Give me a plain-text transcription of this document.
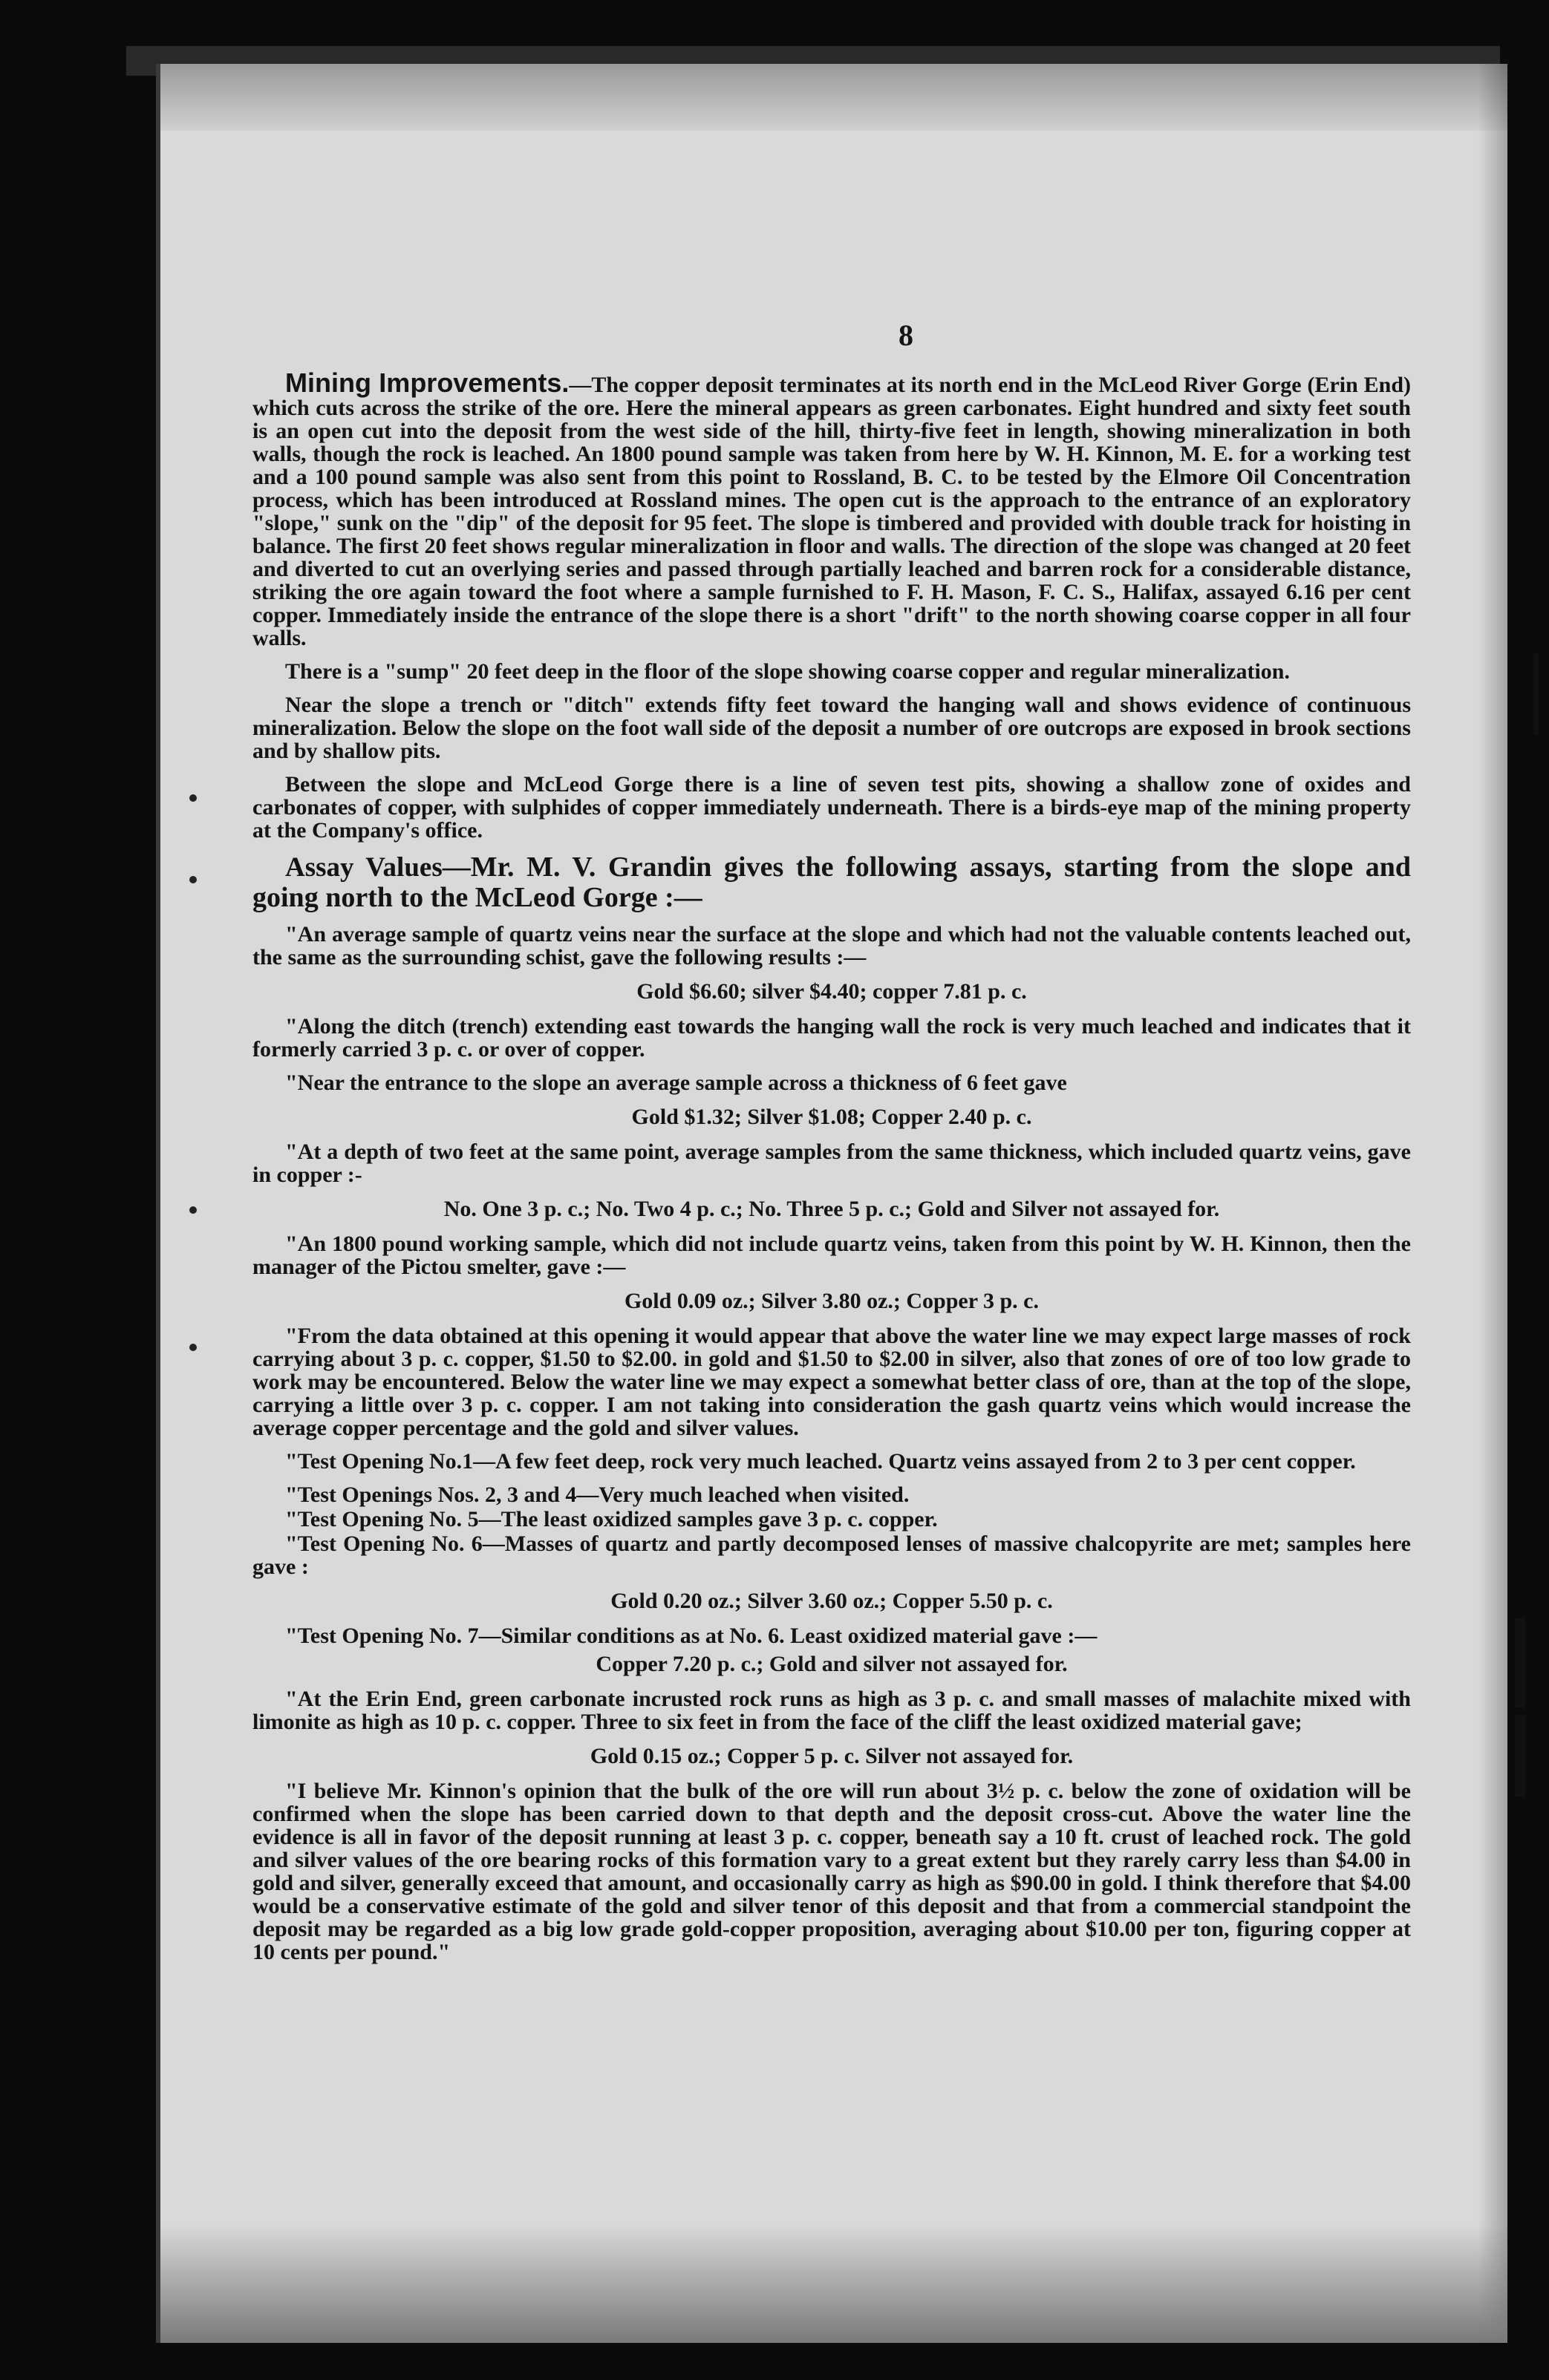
8

Mining Improvements.—The copper deposit terminates at its north end in the McLeod River Gorge (Erin End) which cuts across the strike of the ore. Here the mineral appears as green carbonates. Eight hundred and sixty feet south is an open cut into the deposit from the west side of the hill, thirty-five feet in length, showing mineralization in both walls, though the rock is leached. An 1800 pound sample was taken from here by W. H. Kinnon, M. E. for a working test and a 100 pound sample was also sent from this point to Rossland, B. C. to be tested by the Elmore Oil Concentration process, which has been introduced at Rossland mines. The open cut is the approach to the entrance of an exploratory "slope," sunk on the "dip" of the deposit for 95 feet. The slope is timbered and provided with double track for hoisting in balance. The first 20 feet shows regular mineralization in floor and walls. The direction of the slope was changed at 20 feet and diverted to cut an overlying series and passed through partially leached and barren rock for a considerable distance, striking the ore again toward the foot where a sample furnished to F. H. Mason, F. C. S., Halifax, assayed 6.16 per cent copper. Immediately inside the entrance of the slope there is a short "drift" to the north showing coarse copper in all four walls.

There is a "sump" 20 feet deep in the floor of the slope showing coarse copper and regular mineralization.

Near the slope a trench or "ditch" extends fifty feet toward the hanging wall and shows evidence of continuous mineralization. Below the slope on the foot wall side of the deposit a number of ore outcrops are exposed in brook sections and by shallow pits.

Between the slope and McLeod Gorge there is a line of seven test pits, showing a shallow zone of oxides and carbonates of copper, with sulphides of copper immediately underneath. There is a birds-eye map of the mining property at the Company's office.

Assay Values—Mr. M. V. Grandin gives the following assays, starting from the slope and going north to the McLeod Gorge :—

"An average sample of quartz veins near the surface at the slope and which had not the valuable contents leached out, the same as the surrounding schist, gave the following results :—

Gold $6.60; silver $4.40; copper 7.81 p. c.

"Along the ditch (trench) extending east towards the hanging wall the rock is very much leached and indicates that it formerly carried 3 p. c. or over of copper.

"Near the entrance to the slope an average sample across a thickness of 6 feet gave

Gold $1.32; Silver $1.08; Copper 2.40 p. c.

"At a depth of two feet at the same point, average samples from the same thickness, which included quartz veins, gave in copper :-

No. One 3 p. c.; No. Two 4 p. c.; No. Three 5 p. c.; Gold and Silver not assayed for.

"An 1800 pound working sample, which did not include quartz veins, taken from this point by W. H. Kinnon, then the manager of the Pictou smelter, gave :—

Gold 0.09 oz.; Silver 3.80 oz.; Copper 3 p. c.

"From the data obtained at this opening it would appear that above the water line we may expect large masses of rock carrying about 3 p. c. copper, $1.50 to $2.00. in gold and $1.50 to $2.00 in silver, also that zones of ore of too low grade to work may be encountered. Below the water line we may expect a somewhat better class of ore, than at the top of the slope, carrying a little over 3 p. c. copper. I am not taking into consideration the gash quartz veins which would increase the average copper percentage and the gold and silver values.

"Test Opening No.1—A few feet deep, rock very much leached. Quartz veins assayed from 2 to 3 per cent copper.

"Test Openings Nos. 2, 3 and 4—Very much leached when visited.

"Test Opening No. 5—The least oxidized samples gave 3 p. c. copper.

"Test Opening No. 6—Masses of quartz and partly decomposed lenses of massive chalcopyrite are met; samples here gave :

Gold 0.20 oz.; Silver 3.60 oz.; Copper 5.50 p. c.

"Test Opening No. 7—Similar conditions as at No. 6. Least oxidized material gave :—

Copper 7.20 p. c.; Gold and silver not assayed for.

"At the Erin End, green carbonate incrusted rock runs as high as 3 p. c. and small masses of malachite mixed with limonite as high as 10 p. c. copper. Three to six feet in from the face of the cliff the least oxidized material gave;

Gold 0.15 oz.; Copper 5 p. c. Silver not assayed for.

"I believe Mr. Kinnon's opinion that the bulk of the ore will run about 3½ p. c. below the zone of oxidation will be confirmed when the slope has been carried down to that depth and the deposit cross-cut. Above the water line the evidence is all in favor of the deposit running at least 3 p. c. copper, beneath say a 10 ft. crust of leached rock. The gold and silver values of the ore bearing rocks of this formation vary to a great extent but they rarely carry less than $4.00 in gold and silver, generally exceed that amount, and occasionally carry as high as $90.00 in gold. I think therefore that $4.00 would be a conservative estimate of the gold and silver tenor of this deposit and that from a commercial standpoint the deposit may be regarded as a big low grade gold-copper proposition, averaging about $10.00 per ton, figuring copper at 10 cents per pound."
